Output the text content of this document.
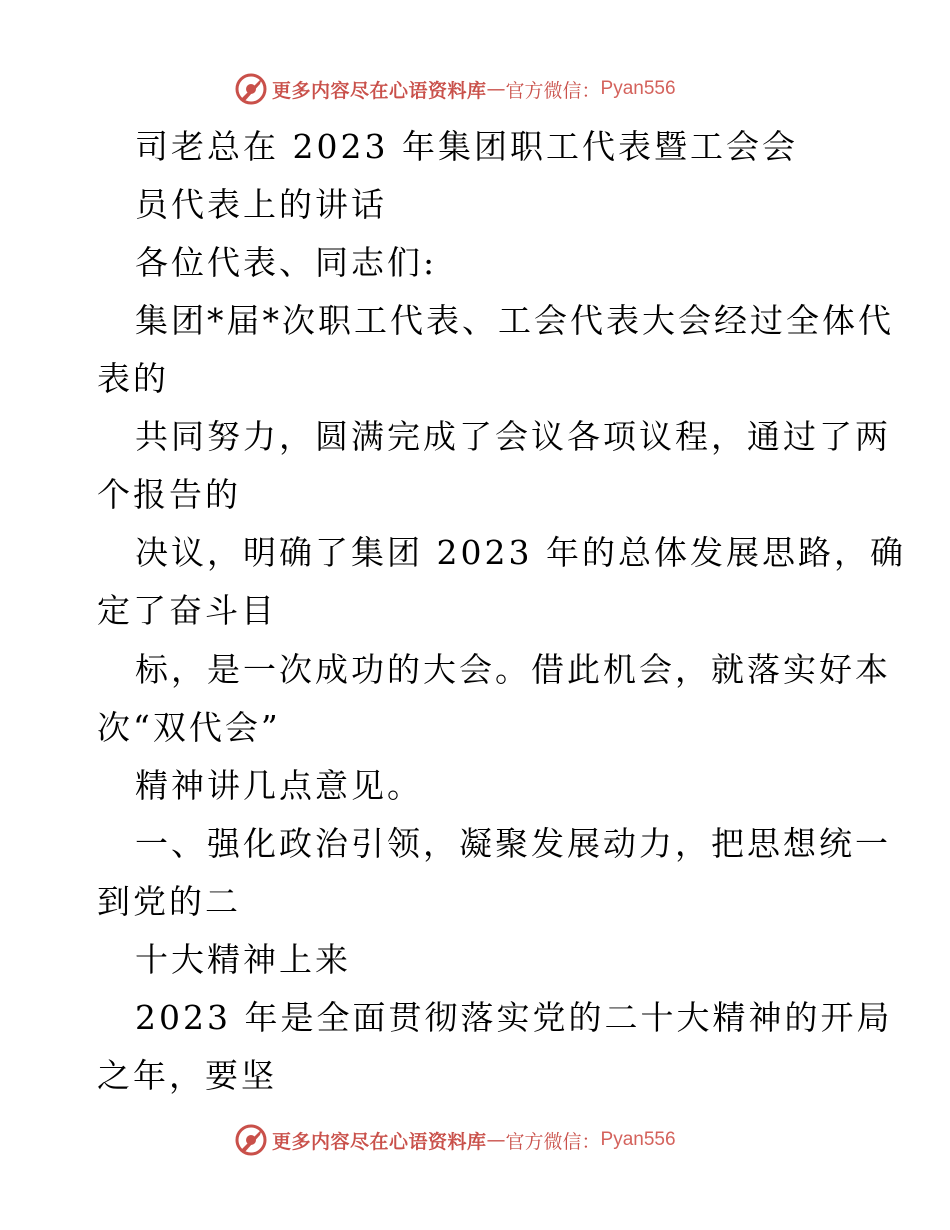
更多内容尽在心语资料库 — 官方微信： Pyan556
司老总在 2023 年集团职工代表暨工会会
员代表上的讲话
各位代表、同志们:
集团*届*次职工代表、工会代表大会经过全体代
表的
共同努力，圆满完成了会议各项议程，通过了两
个报告的
决议，明确了集团 2023 年的总体发展思路，确
定了奋斗目
标，是一次成功的大会。借此机会，就落实好本
次“双代会”
精神讲几点意见。
一、强化政治引领，凝聚发展动力，把思想统一
到党的二
十大精神上来
2023 年是全面贯彻落实党的二十大精神的开局
之年，要坚
更多内容尽在心语资料库 — 官方微信： Pyan556
